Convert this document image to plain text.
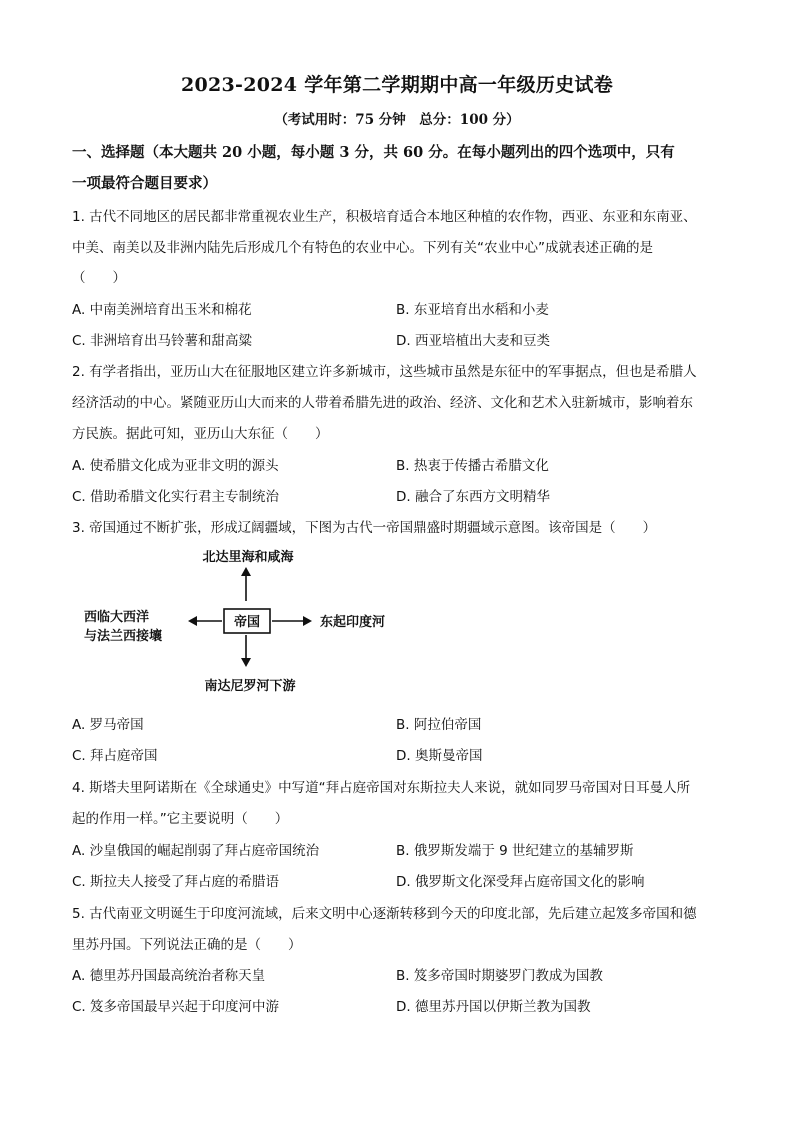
2023-2024 学年第二学期期中高一年级历史试卷
（考试用时：75 分钟　总分：100 分）
一、选择题（本大题共 20 小题，每小题 3 分，共 60 分。在每小题列出的四个选项中，只有
一项最符合题目要求）
1. 古代不同地区的居民都非常重视农业生产，积极培育适合本地区种植的农作物，西亚、东亚和东南亚、
中美、南美以及非洲内陆先后形成几个有特色的农业中心。下列有关“农业中心”成就表述正确的是
（　　）
A. 中南美洲培育出玉米和棉花	B. 东亚培育出水稻和小麦
C. 非洲培育出马铃薯和甜高粱	D. 西亚培植出大麦和豆类
2. 有学者指出，亚历山大在征服地区建立许多新城市，这些城市虽然是东征中的军事据点，但也是希腊人
经济活动的中心。紧随亚历山大而来的人带着希腊先进的政治、经济、文化和艺术入驻新城市，影响着东
方民族。据此可知，亚历山大东征（　　）
A. 使希腊文化成为亚非文明的源头	B. 热衷于传播古希腊文化
C. 借助希腊文化实行君主专制统治	D. 融合了东西方文明精华
3. 帝国通过不断扩张，形成辽阔疆域，下图为古代一帝国鼎盛时期疆域示意图。该帝国是（　　）
北达里海和咸海
帝国	东起印度河
西临大西洋
与法兰西接壤
南达尼罗河下游
A. 罗马帝国	B. 阿拉伯帝国
C. 拜占庭帝国	D. 奥斯曼帝国
4. 斯塔夫里阿诺斯在《全球通史》中写道“拜占庭帝国对东斯拉夫人来说，就如同罗马帝国对日耳曼人所
起的作用一样。”它主要说明（　　）
A. 沙皇俄国的崛起削弱了拜占庭帝国统治	B. 俄罗斯发端于 9 世纪建立的基辅罗斯
C. 斯拉夫人接受了拜占庭的希腊语	D. 俄罗斯文化深受拜占庭帝国文化的影响
5. 古代南亚文明诞生于印度河流域，后来文明中心逐渐转移到今天的印度北部，先后建立起笈多帝国和德
里苏丹国。下列说法正确的是（　　）
A. 德里苏丹国最高统治者称天皇	B. 笈多帝国时期婆罗门教成为国教
C. 笈多帝国最早兴起于印度河中游	D. 德里苏丹国以伊斯兰教为国教
